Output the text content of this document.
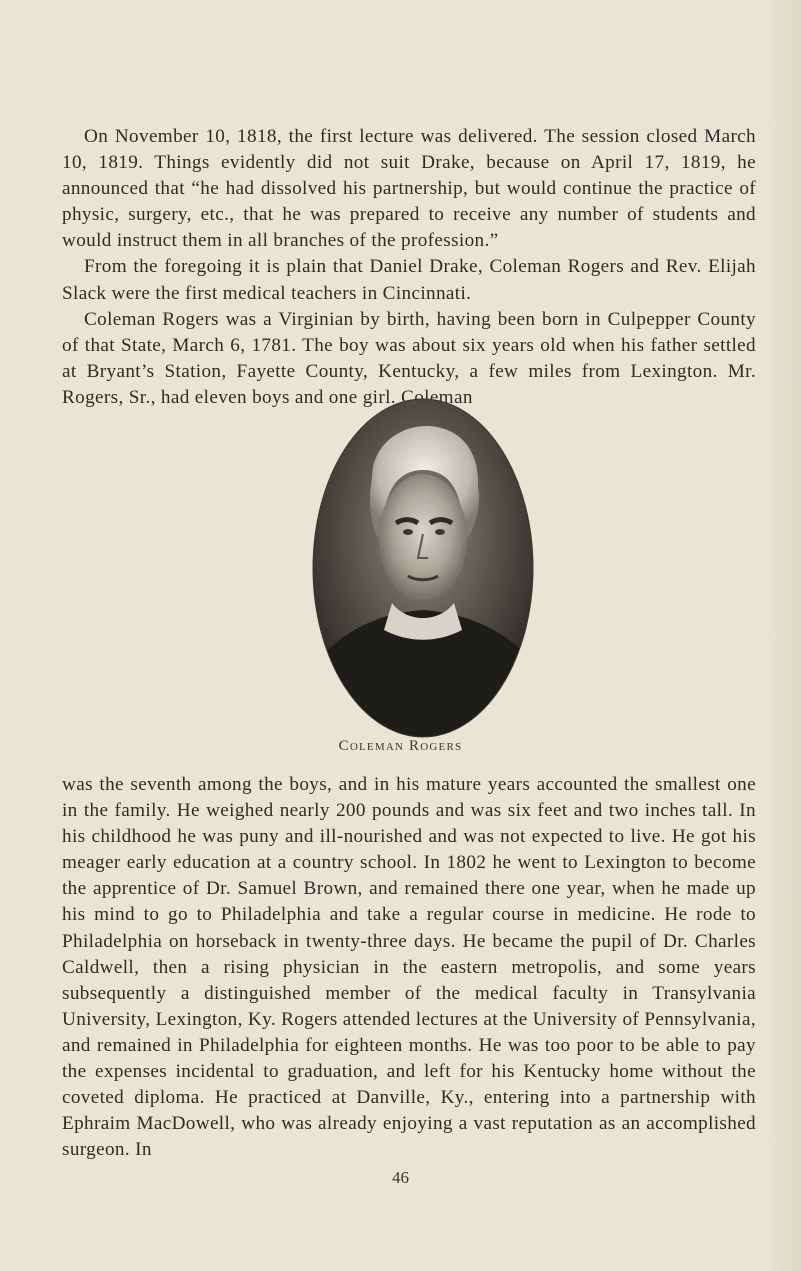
On November 10, 1818, the first lecture was delivered. The session closed March 10, 1819. Things evidently did not suit Drake, because on April 17, 1819, he announced that “he had dissolved his partnership, but would continue the practice of physic, surgery, etc., that he was prepared to receive any number of students and would instruct them in all branches of the profession.”

From the foregoing it is plain that Daniel Drake, Coleman Rogers and Rev. Elijah Slack were the first medical teachers in Cincinnati.

Coleman Rogers was a Virginian by birth, having been born in Culpepper County of that State, March 6, 1781. The boy was about six years old when his father settled at Bryant’s Station, Fayette County, Kentucky, a few miles from Lexington. Mr. Rogers, Sr., had eleven boys and one girl. Coleman

Coleman Rogers

was the seventh among the boys, and in his mature years accounted the smallest one in the family. He weighed nearly 200 pounds and was six feet and two inches tall. In his childhood he was puny and ill-nourished and was not expected to live. He got his meager early education at a country school. In 1802 he went to Lexington to become the apprentice of Dr. Samuel Brown, and remained there one year, when he made up his mind to go to Philadelphia and take a regular course in medicine. He rode to Philadelphia on horseback in twenty-three days. He became the pupil of Dr. Charles Caldwell, then a rising physician in the eastern metropolis, and some years subsequently a distinguished member of the medical faculty in Transylvania University, Lexington, Ky. Rogers attended lectures at the University of Pennsylvania, and remained in Philadelphia for eighteen months. He was too poor to be able to pay the expenses incidental to graduation, and left for his Kentucky home without the coveted diploma. He practiced at Danville, Ky., entering into a partnership with Ephraim MacDowell, who was already enjoying a vast reputation as an accomplished surgeon. In

46
